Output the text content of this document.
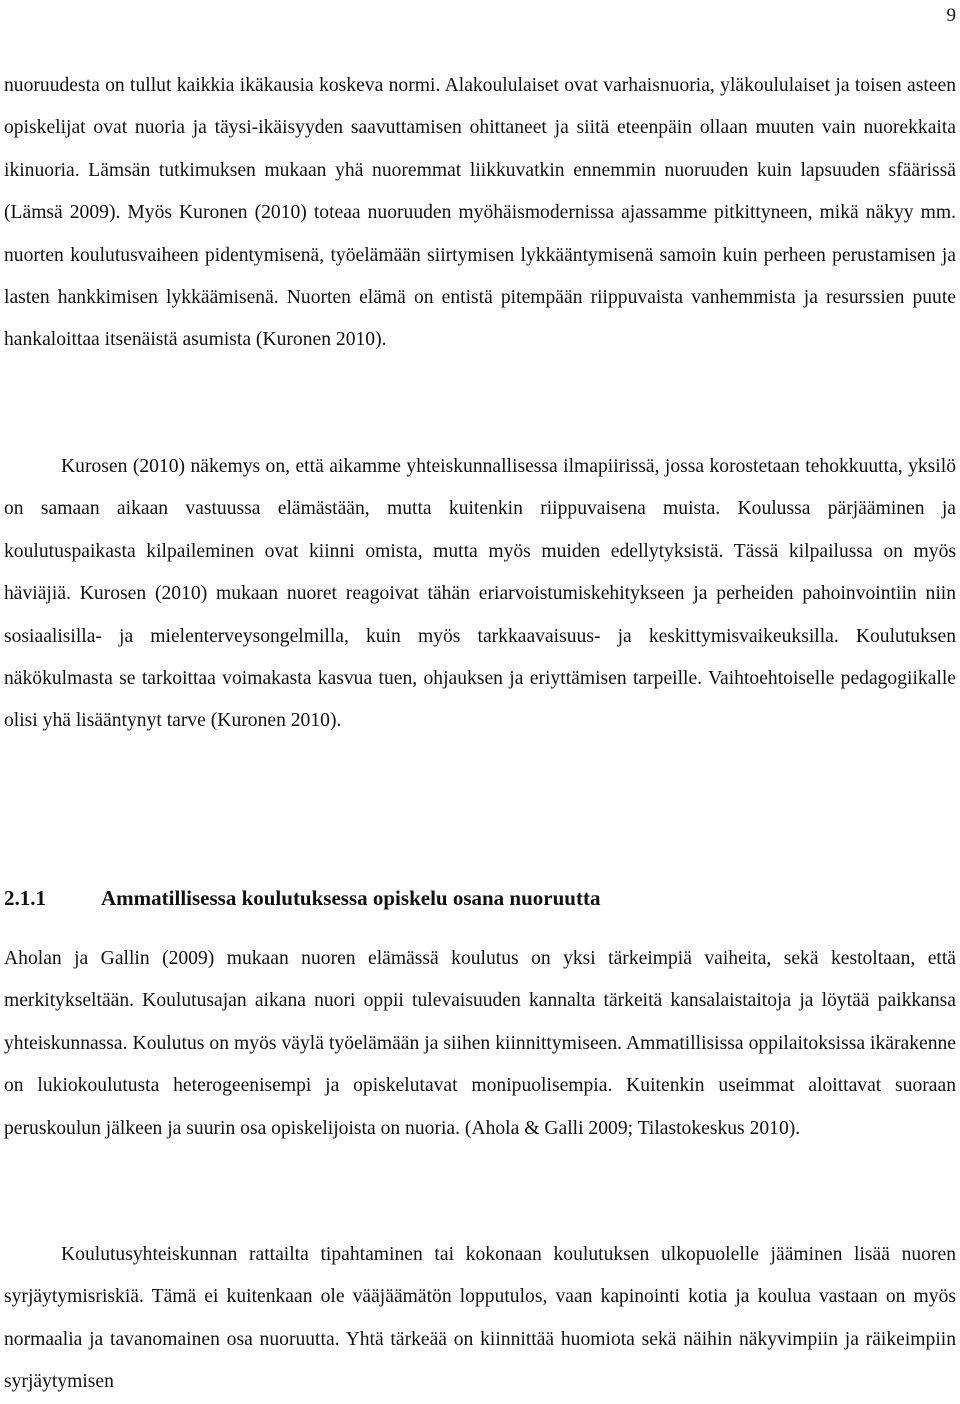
9

nuoruudesta on tullut kaikkia ikäkausia koskeva normi. Alakoululaiset ovat varhaisnuoria, yläkoululaiset ja toisen asteen opiskelijat ovat nuoria ja täysi-ikäisyyden saavuttamisen ohittaneet ja siitä eteenpäin ollaan muuten vain nuorekkaita ikinuoria. Lämsän tutkimuksen mukaan yhä nuoremmat liikkuvatkin ennemmin nuoruuden kuin lapsuuden sfäärissä (Lämsä 2009). Myös Kuronen (2010) toteaa nuoruuden myöhäismodernissa ajassamme pitkittyneen, mikä näkyy mm. nuorten koulutusvaiheen pidentymisenä, työelämään siirtymisen lykkääntymisenä samoin kuin perheen perustamisen ja lasten hankkimisen lykkäämisenä. Nuorten elämä on entistä pitempään riippuvaista vanhemmista ja resurssien puute hankaloittaa itsenäistä asumista (Kuronen 2010).

Kurosen (2010) näkemys on, että aikamme yhteiskunnallisessa ilmapiirissä, jossa korostetaan tehokkuutta, yksilö on samaan aikaan vastuussa elämästään, mutta kuitenkin riippuvaisena muista. Koulussa pärjääminen ja koulutuspaikasta kilpaileminen ovat kiinni omista, mutta myös muiden edellytyksistä. Tässä kilpailussa on myös häviäjiä. Kurosen (2010) mukaan nuoret reagoivat tähän eriarvoistumiskehitykseen ja perheiden pahoinvointiin niin sosiaalisilla- ja mielenterveysongelmilla, kuin myös tarkkaavaisuus- ja keskittymisvaikeuksilla. Koulutuksen näkökulmasta se tarkoittaa voimakasta kasvua tuen, ohjauksen ja eriyttämisen tarpeille. Vaihtoehtoiselle pedagogiikalle olisi yhä lisääntynyt tarve (Kuronen 2010).

2.1.1	Ammatillisessa koulutuksessa opiskelu osana nuoruutta

Aholan ja Gallin (2009) mukaan nuoren elämässä koulutus on yksi tärkeimpiä vaiheita, sekä kestoltaan, että merkitykseltään. Koulutusajan aikana nuori oppii tulevaisuuden kannalta tärkeitä kansalaistaitoja ja löytää paikkansa yhteiskunnassa. Koulutus on myös väylä työelämään ja siihen kiinnittymiseen. Ammatillisissa oppilaitoksissa ikärakenne on lukiokoulutusta heterogeenisempi ja opiskelutavat monipuolisempia. Kuitenkin useimmat aloittavat suoraan peruskoulun jälkeen ja suurin osa opiskelijoista on nuoria. (Ahola & Galli 2009; Tilastokeskus 2010).

Koulutusyhteiskunnan rattailta tipahtaminen tai kokonaan koulutuksen ulkopuolelle jääminen lisää nuoren syrjäytymisriskiä. Tämä ei kuitenkaan ole vääjäämätön lopputulos, vaan kapinointi kotia ja koulua vastaan on myös normaalia ja tavanomainen osa nuoruutta. Yhtä tärkeää on kiinnittää huomiota sekä näihin näkyvimpiin ja räikeimpiin syrjäytymisen
